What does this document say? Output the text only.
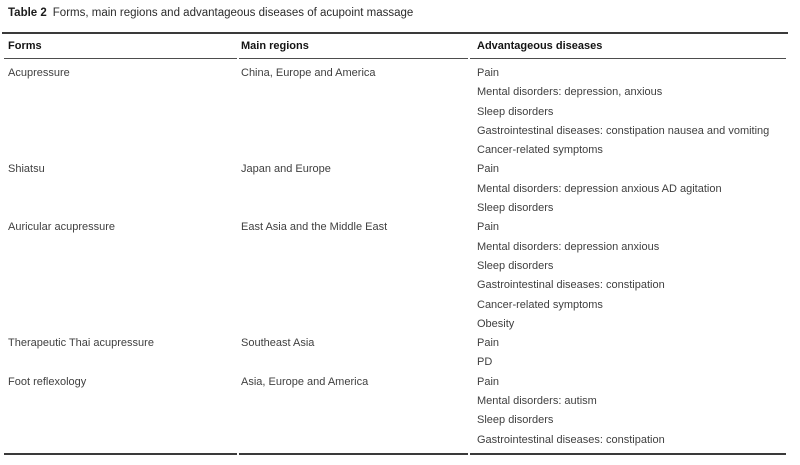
Table 2 Forms, main regions and advantageous diseases of acupoint massage
Forms	Main regions	Advantageous diseases
Acupressure	China, Europe and America	Pain
Mental disorders: depression, anxious
Sleep disorders
Gastrointestinal diseases: constipation nausea and vomiting
Cancer-related symptoms

Shiatsu	Japan and Europe	Pain
Mental disorders: depression anxious AD agitation
Sleep disorders

Auricular acupressure	East Asia and the Middle East	Pain
Mental disorders: depression anxious
Sleep disorders
Gastrointestinal diseases: constipation
Cancer-related symptoms
Obesity

Therapeutic Thai acupressure	Southeast Asia	Pain
PD

Foot reflexology	Asia, Europe and America	Pain
Mental disorders: autism
Sleep disorders
Gastrointestinal diseases: constipation
